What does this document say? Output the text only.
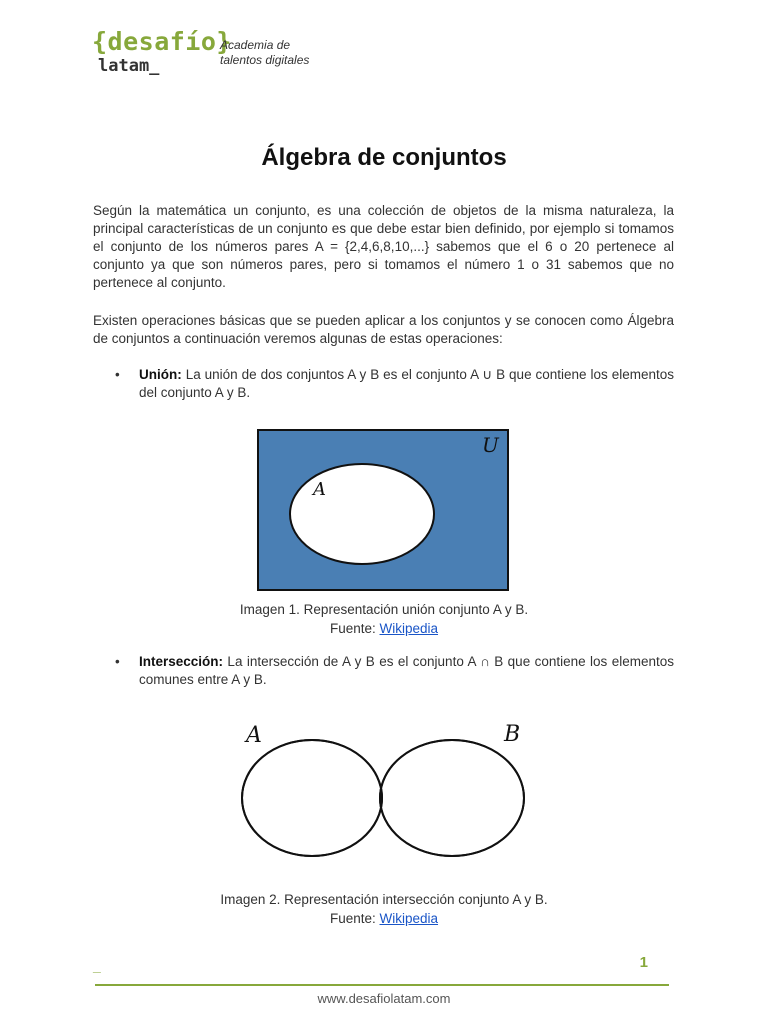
{desafío}
latam_
Academia de
talentos digitales
Álgebra de conjuntos

Según la matemática un conjunto, es una colección de objetos de la misma naturaleza, la principal características de un conjunto es que debe estar bien definido, por ejemplo si tomamos el conjunto de los números pares A = {2,4,6,8,10,...} sabemos que el 6 o 20 pertenece al conjunto ya que son números pares, pero si tomamos el número 1 o 31 sabemos que no pertenece al conjunto.

Existen operaciones básicas que se pueden aplicar a los conjuntos y se conocen como Álgebra de conjuntos a continuación veremos algunas de estas operaciones:

• Unión: La unión de dos conjuntos A y B es el conjunto A ∪ B que contiene los elementos del conjunto A y B.
U
A
Imagen 1. Representación unión conjunto A y B.
Fuente: Wikipedia
• Intersección: La intersección de A y B es el conjunto A ∩ B que contiene los elementos comunes entre A y B.
A	B
Imagen 2. Representación intersección conjunto A y B.
Fuente: Wikipedia
_	1
www.desafiolatam.com
